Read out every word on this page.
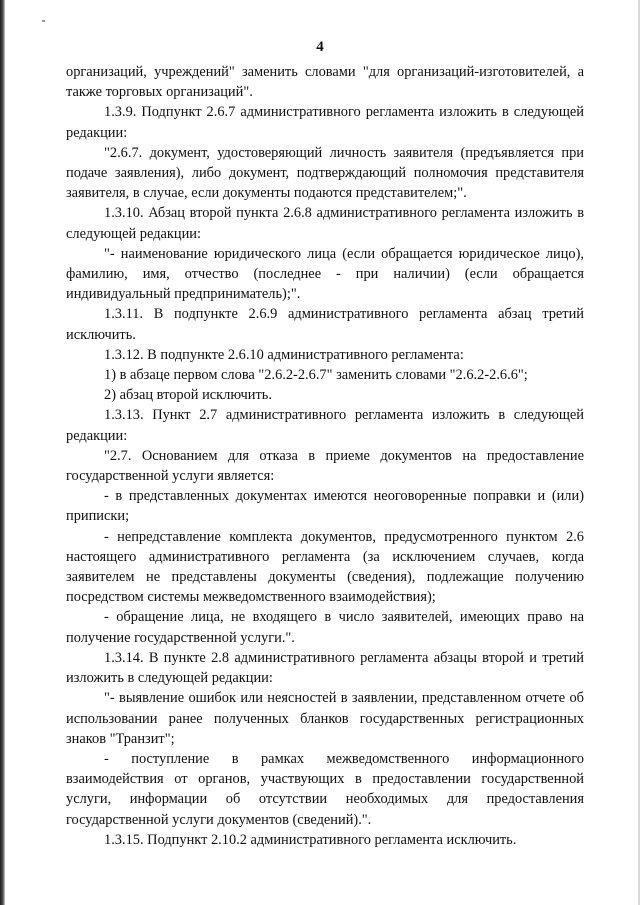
4

организаций, учреждений" заменить словами "для организаций-изготовителей, а также торговых организаций".

1.3.9. Подпункт 2.6.7 административного регламента изложить в следующей редакции:

"2.6.7. документ, удостоверяющий личность заявителя (предъявляется при подаче заявления), либо документ, подтверждающий полномочия представителя заявителя, в случае, если документы подаются представителем;".

1.3.10. Абзац второй пункта 2.6.8 административного регламента изложить в следующей редакции:

"- наименование юридического лица (если обращается юридическое лицо), фамилию, имя, отчество (последнее - при наличии) (если обращается индивидуальный предприниматель);".

1.3.11. В подпункте 2.6.9 административного регламента абзац третий исключить.

1.3.12. В подпункте 2.6.10 административного регламента:

1) в абзаце первом слова "2.6.2-2.6.7" заменить словами "2.6.2-2.6.6";

2) абзац второй исключить.

1.3.13. Пункт 2.7 административного регламента изложить в следующей редакции:

"2.7. Основанием для отказа в приеме документов на предоставление государственной услуги является:

- в представленных документах имеются неоговоренные поправки и (или) приписки;

- непредставление комплекта документов, предусмотренного пунктом 2.6 настоящего административного регламента (за исключением случаев, когда заявителем не представлены документы (сведения), подлежащие получению посредством системы межведомственного взаимодействия);

- обращение лица, не входящего в число заявителей, имеющих право на получение государственной услуги.".

1.3.14. В пункте 2.8 административного регламента абзацы второй и третий изложить в следующей редакции:

"- выявление ошибок или неясностей в заявлении, представленном отчете об использовании ранее полученных бланков государственных регистрационных знаков "Транзит";

- поступление в рамках межведомственного информационного взаимодействия от органов, участвующих в предоставлении государственной услуги, информации об отсутствии необходимых для предоставления государственной услуги документов (сведений).".

1.3.15. Подпункт 2.10.2 административного регламента исключить.
